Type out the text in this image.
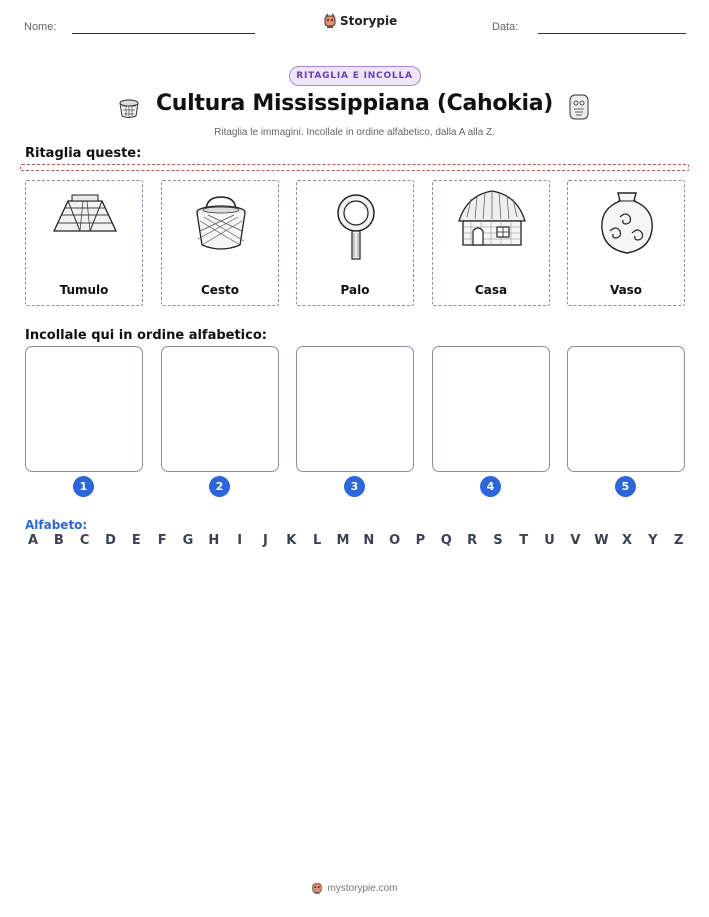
Nome:	Storypie	Data:
RITAGLIA E INCOLLA
Cultura Mississippiana (Cahokia)
Ritaglia le immagini. Incollale in ordine alfabetico, dalla A alla Z.
Ritaglia queste:
Tumulo	Cesto	Palo	Casa	Vaso
Incollale qui in ordine alfabetico:
1	2	3	4	5
Alfabeto:
A B C D E F G H	I	J	K L M N O P Q R S T U V W X Y Z
mystorypie.com
